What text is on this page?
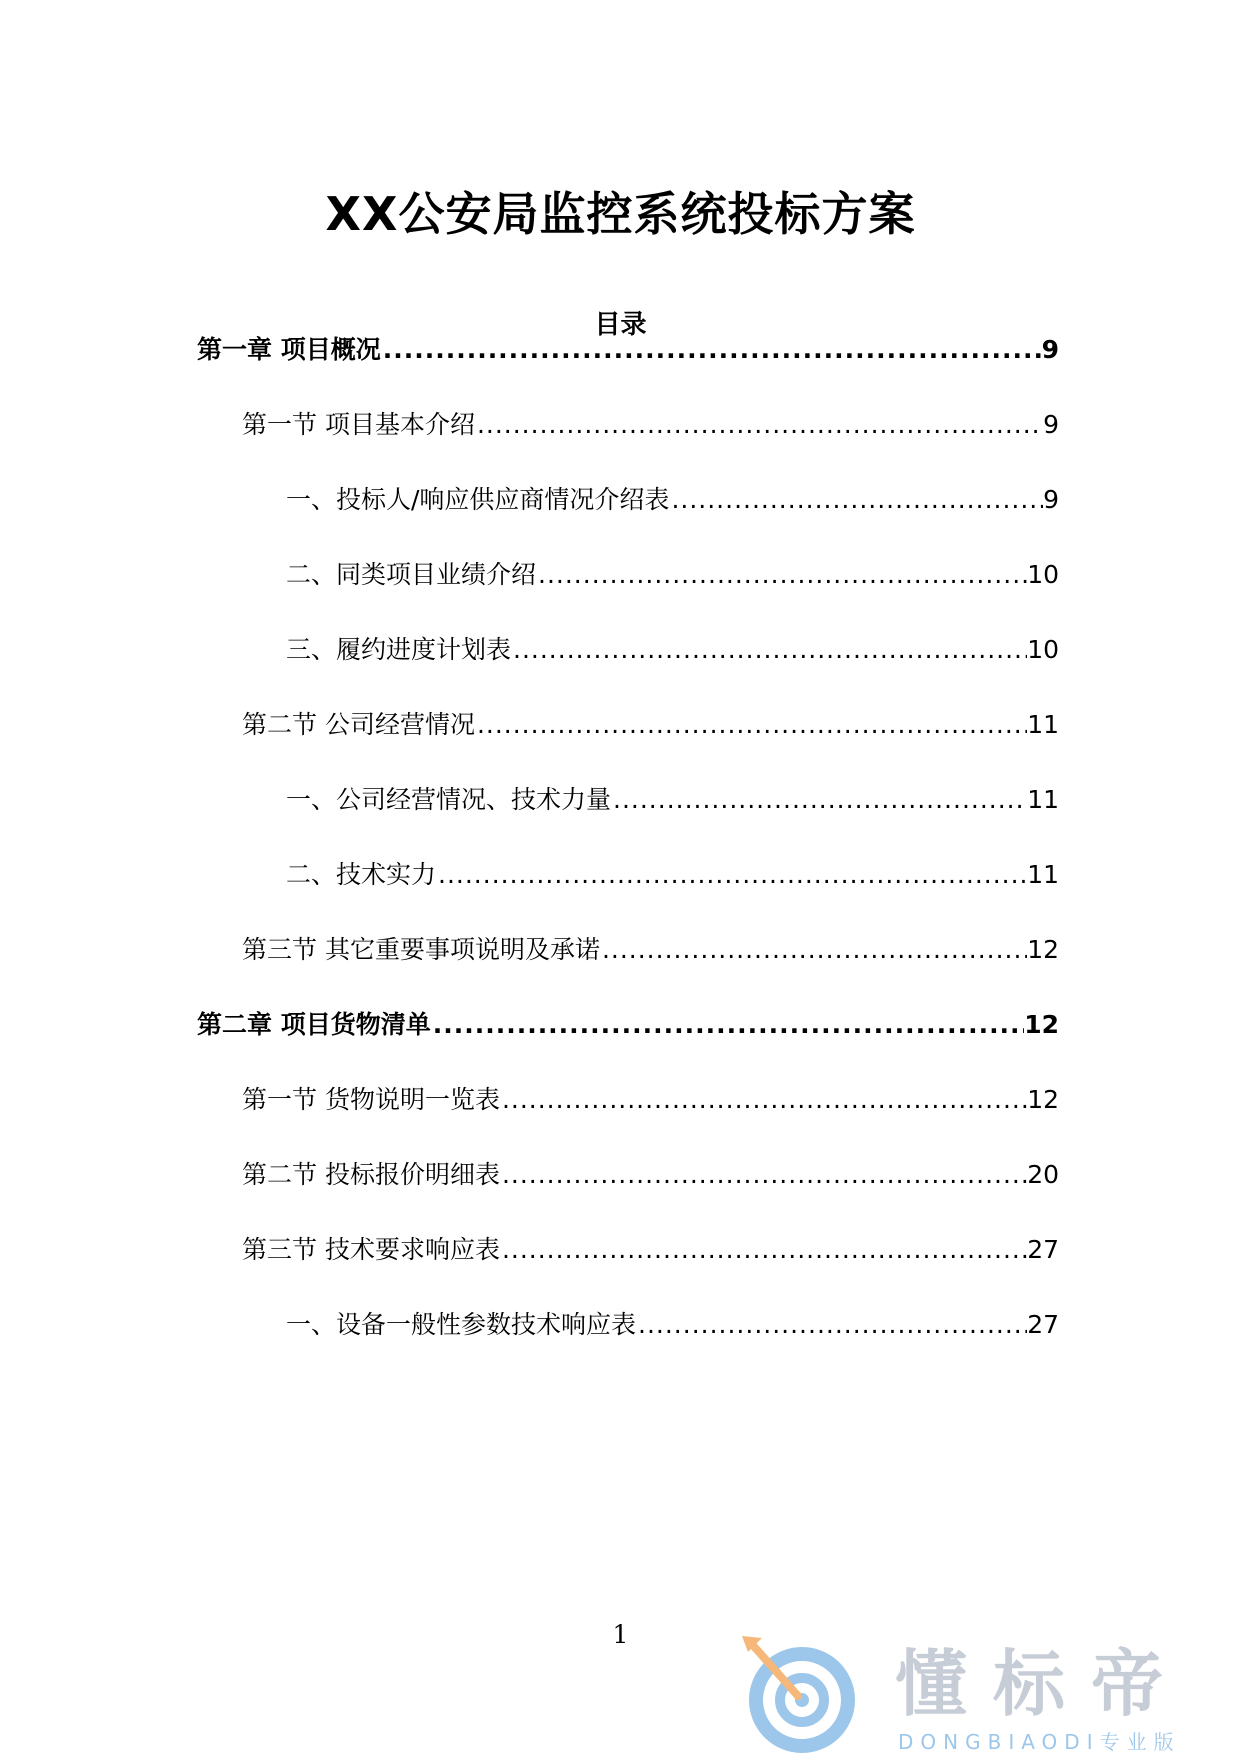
XX公安局监控系统投标方案
目录
第一章 项目概况 .....	9
第一节 项目基本介绍 .....	9
一、投标人/响应供应商情况介绍表 .....	9
二、同类项目业绩介绍 .....	10
三、履约进度计划表 .....	10
第二节 公司经营情况 .....	11
一、公司经营情况、技术力量 .....	11
二、技术实力 .....	11
第三节 其它重要事项说明及承诺 .....	12
第二章 项目货物清单 .....	12
第一节 货物说明一览表 .....	12
第二节 投标报价明细表 .....	20
第三节 技术要求响应表 .....	27
一、设备一般性参数技术响应表 .....	27
1
懂标帝
DONGBIAODI专业版
